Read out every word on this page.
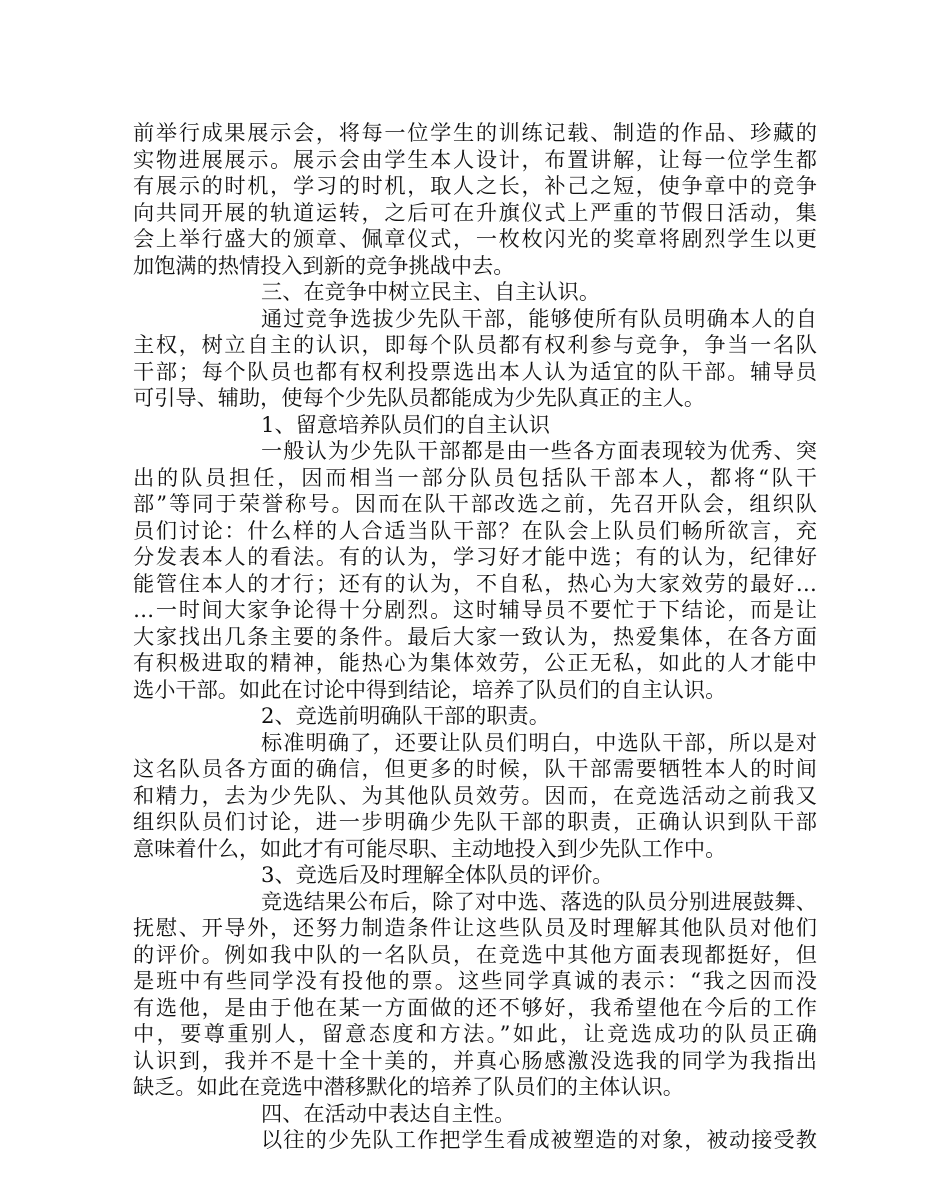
前举行成果展示会，将每一位学生的训练记载、制造的作品、珍藏的
实物进展展示。展示会由学生本人设计，布置讲解，让每一位学生都
有展示的时机，学习的时机，取人之长，补己之短，使争章中的竞争
向共同开展的轨道运转，之后可在升旗仪式上严重的节假日活动，集
会上举行盛大的颁章、佩章仪式，一枚枚闪光的奖章将剧烈学生以更
加饱满的热情投入到新的竞争挑战中去。
三、在竞争中树立民主、自主认识。
通过竞争选拔少先队干部，能够使所有队员明确本人的自
主权，树立自主的认识，即每个队员都有权利参与竞争，争当一名队
干部；每个队员也都有权利投票选出本人认为适宜的队干部。辅导员
可引导、辅助，使每个少先队员都能成为少先队真正的主人。
1、留意培养队员们的自主认识
一般认为少先队干部都是由一些各方面表现较为优秀、突
出的队员担任，因而相当一部分队员包括队干部本人，都将“队干
部”等同于荣誉称号。因而在队干部改选之前，先召开队会，组织队
员们讨论：什么样的人合适当队干部？在队会上队员们畅所欲言，充
分发表本人的看法。有的认为，学习好才能中选；有的认为，纪律好
能管住本人的才行；还有的认为，不自私，热心为大家效劳的最好…
…一时间大家争论得十分剧烈。这时辅导员不要忙于下结论，而是让
大家找出几条主要的条件。最后大家一致认为，热爱集体，在各方面
有积极进取的精神，能热心为集体效劳，公正无私，如此的人才能中
选小干部。如此在讨论中得到结论，培养了队员们的自主认识。
2、竞选前明确队干部的职责。
标准明确了，还要让队员们明白，中选队干部，所以是对
这名队员各方面的确信，但更多的时候，队干部需要牺牲本人的时间
和精力，去为少先队、为其他队员效劳。因而，在竞选活动之前我又
组织队员们讨论，进一步明确少先队干部的职责，正确认识到队干部
意味着什么，如此才有可能尽职、主动地投入到少先队工作中。
3、竞选后及时理解全体队员的评价。
竞选结果公布后，除了对中选、落选的队员分别进展鼓舞、
抚慰、开导外，还努力制造条件让这些队员及时理解其他队员对他们
的评价。例如我中队的一名队员，在竞选中其他方面表现都挺好，但
是班中有些同学没有投他的票。这些同学真诚的表示：“我之因而没
有选他，是由于他在某一方面做的还不够好，我希望他在今后的工作
中，要尊重别人，留意态度和方法。”如此，让竞选成功的队员正确
认识到，我并不是十全十美的，并真心肠感激没选我的同学为我指出
缺乏。如此在竞选中潜移默化的培养了队员们的主体认识。
四、在活动中表达自主性。
以往的少先队工作把学生看成被塑造的对象，被动接受教
